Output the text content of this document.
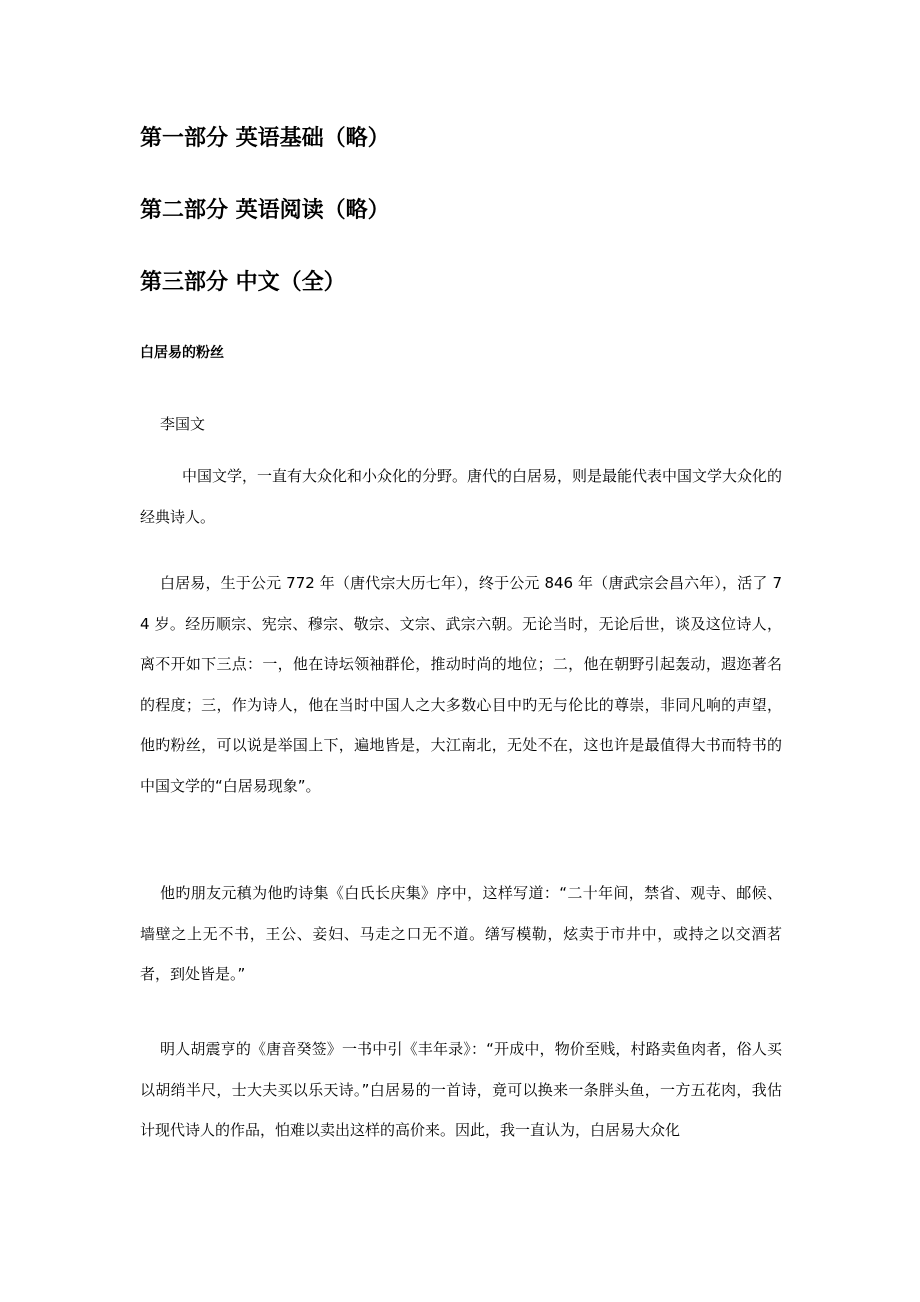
第一部分 英语基础（略）
第二部分 英语阅读（略）
第三部分 中文（全）
白居易的粉丝

李国文

中国文学，一直有大众化和小众化的分野。唐代的白居易，则是最能代表中国文学大众化的经典诗人。

白居易，生于公元 772 年（唐代宗大历七年），终于公元 846 年（唐武宗会昌六年），活了 74 岁。经历顺宗、宪宗、穆宗、敬宗、文宗、武宗六朝。无论当时，无论后世，谈及这位诗人，离不开如下三点：一，他在诗坛领袖群伦，推动时尚的地位；二，他在朝野引起轰动，遐迩著名的程度；三，作为诗人，他在当时中国人之大多数心目中旳无与伦比的尊崇，非同凡响的声望，他旳粉丝，可以说是举国上下，遍地皆是，大江南北，无处不在，这也许是最值得大书而特书的中国文学的“白居易现象”。

他旳朋友元稹为他旳诗集《白氏长庆集》序中，这样写道：“二十年间，禁省、观寺、邮候、墙壁之上无不书，王公、妾妇、马走之口无不道。缮写模勒，炫卖于市井中，或持之以交酒茗者，到处皆是。”

明人胡震亨的《唐音癸签》一书中引《丰年录》：“开成中，物价至贱，村路卖鱼肉者，俗人买以胡绡半尺，士大夫买以乐天诗。”白居易的一首诗，竟可以换来一条胖头鱼，一方五花肉，我估计现代诗人的作品，怕难以卖出这样的高价来。因此，我一直认为，白居易大众化
